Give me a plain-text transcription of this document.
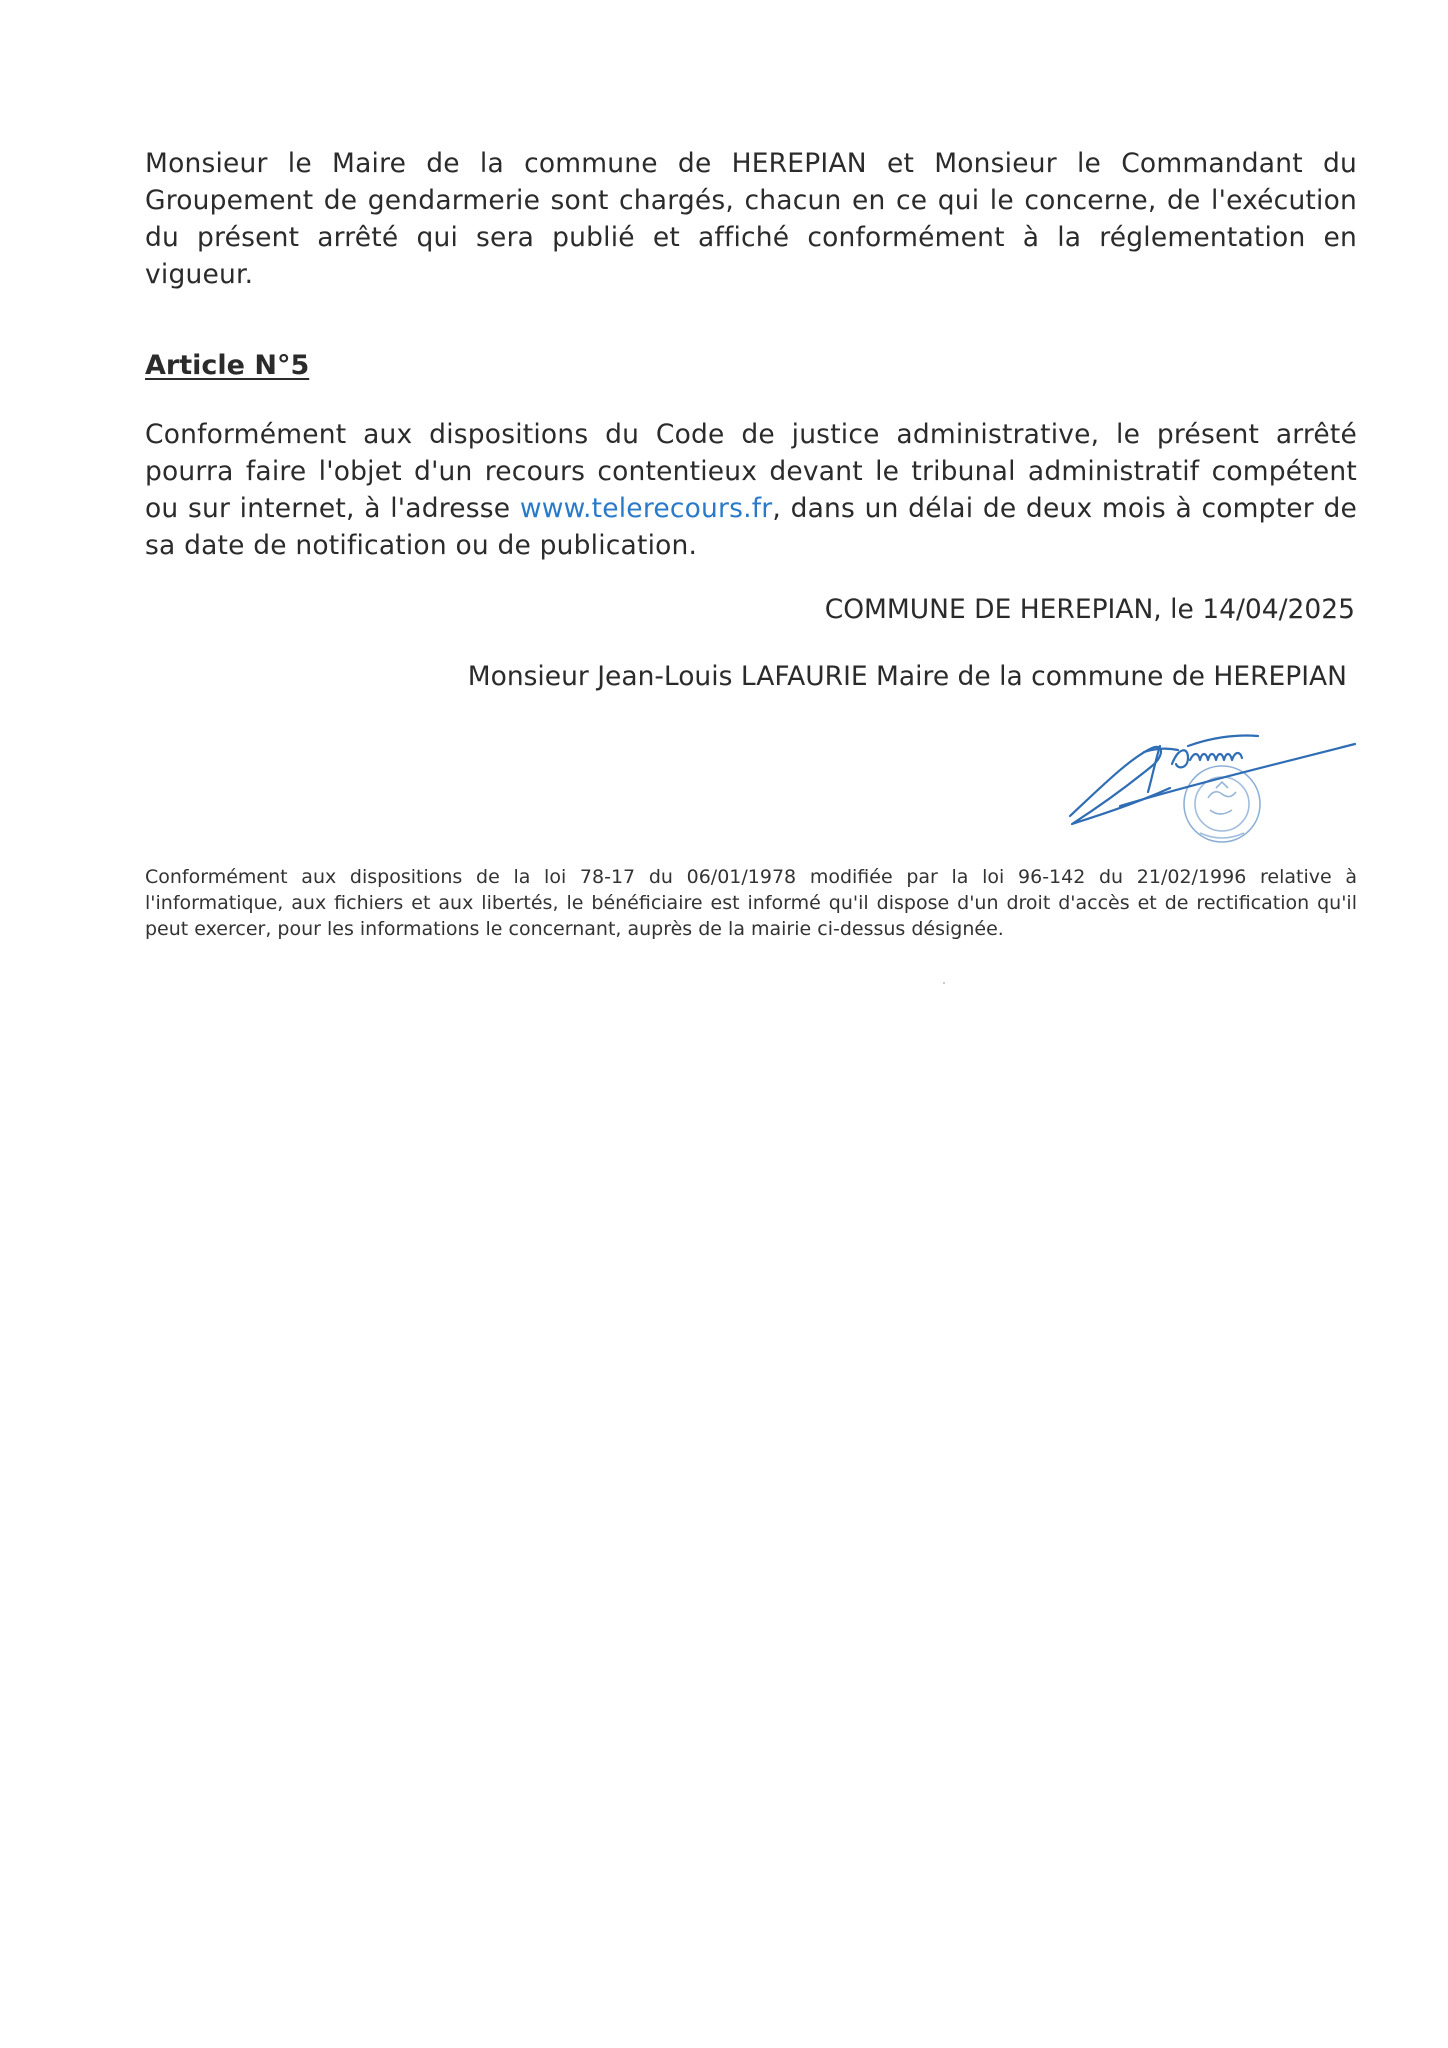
Monsieur le Maire de la commune de HEREPIAN et Monsieur le Commandant du Groupement de gendarmerie sont chargés, chacun en ce qui le concerne, de l'exécution du présent arrêté qui sera publié et affiché conformément à la réglementation en vigueur.

Article N°5

Conformément aux dispositions du Code de justice administrative, le présent arrêté pourra faire l'objet d'un recours contentieux devant le tribunal administratif compétent ou sur internet, à l'adresse www.telerecours.fr, dans un délai de deux mois à compter de sa date de notification ou de publication.

COMMUNE DE HEREPIAN, le 14/04/2025

Monsieur Jean-Louis LAFAURIE Maire de la commune de HEREPIAN

Conformément aux dispositions de la loi 78-17 du 06/01/1978 modifiée par la loi 96-142 du 21/02/1996 relative à l'informatique, aux fichiers et aux libertés, le bénéficiaire est informé qu'il dispose d'un droit d'accès et de rectification qu'il peut exercer, pour les informations le concernant, auprès de la mairie ci-dessus désignée.
